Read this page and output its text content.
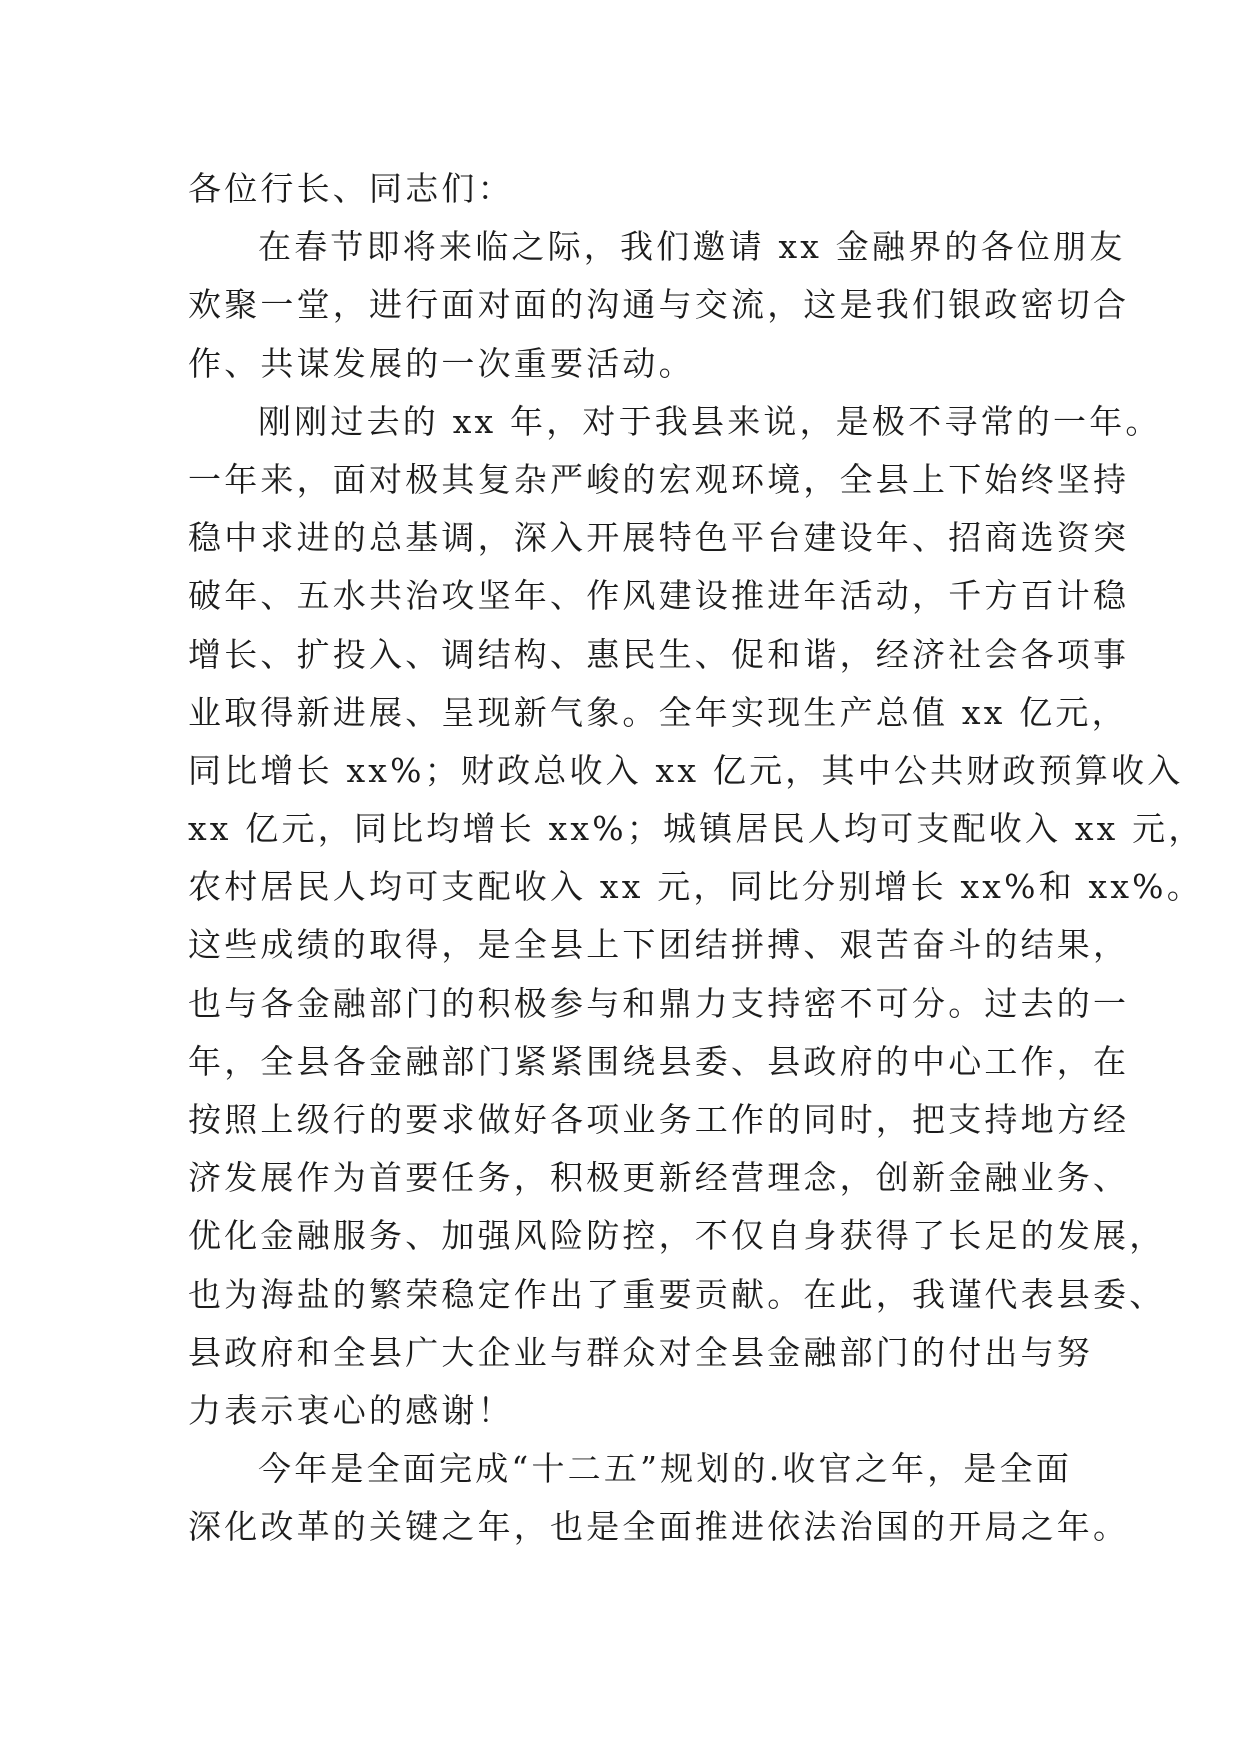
各位行长、同志们：
在春节即将来临之际，我们邀请 xx 金融界的各位朋友
欢聚一堂，进行面对面的沟通与交流，这是我们银政密切合
作、共谋发展的一次重要活动。
刚刚过去的 xx 年，对于我县来说，是极不寻常的一年。
一年来，面对极其复杂严峻的宏观环境，全县上下始终坚持
稳中求进的总基调，深入开展特色平台建设年、招商选资突
破年、五水共治攻坚年、作风建设推进年活动，千方百计稳
增长、扩投入、调结构、惠民生、促和谐，经济社会各项事
业取得新进展、呈现新气象。全年实现生产总值 xx 亿元，
同比增长 xx%；财政总收入 xx 亿元，其中公共财政预算收入
xx 亿元，同比均增长 xx%；城镇居民人均可支配收入 xx 元，
农村居民人均可支配收入 xx 元，同比分别增长 xx%和 xx%。
这些成绩的取得，是全县上下团结拼搏、艰苦奋斗的结果，
也与各金融部门的积极参与和鼎力支持密不可分。过去的一
年，全县各金融部门紧紧围绕县委、县政府的中心工作，在
按照上级行的要求做好各项业务工作的同时，把支持地方经
济发展作为首要任务，积极更新经营理念，创新金融业务、
优化金融服务、加强风险防控，不仅自身获得了长足的发展，
也为海盐的繁荣稳定作出了重要贡献。在此，我谨代表县委、
县政府和全县广大企业与群众对全县金融部门的付出与努
力表示衷心的感谢！
今年是全面完成“十二五”规划的.收官之年，是全面
深化改革的关键之年，也是全面推进依法治国的开局之年。
